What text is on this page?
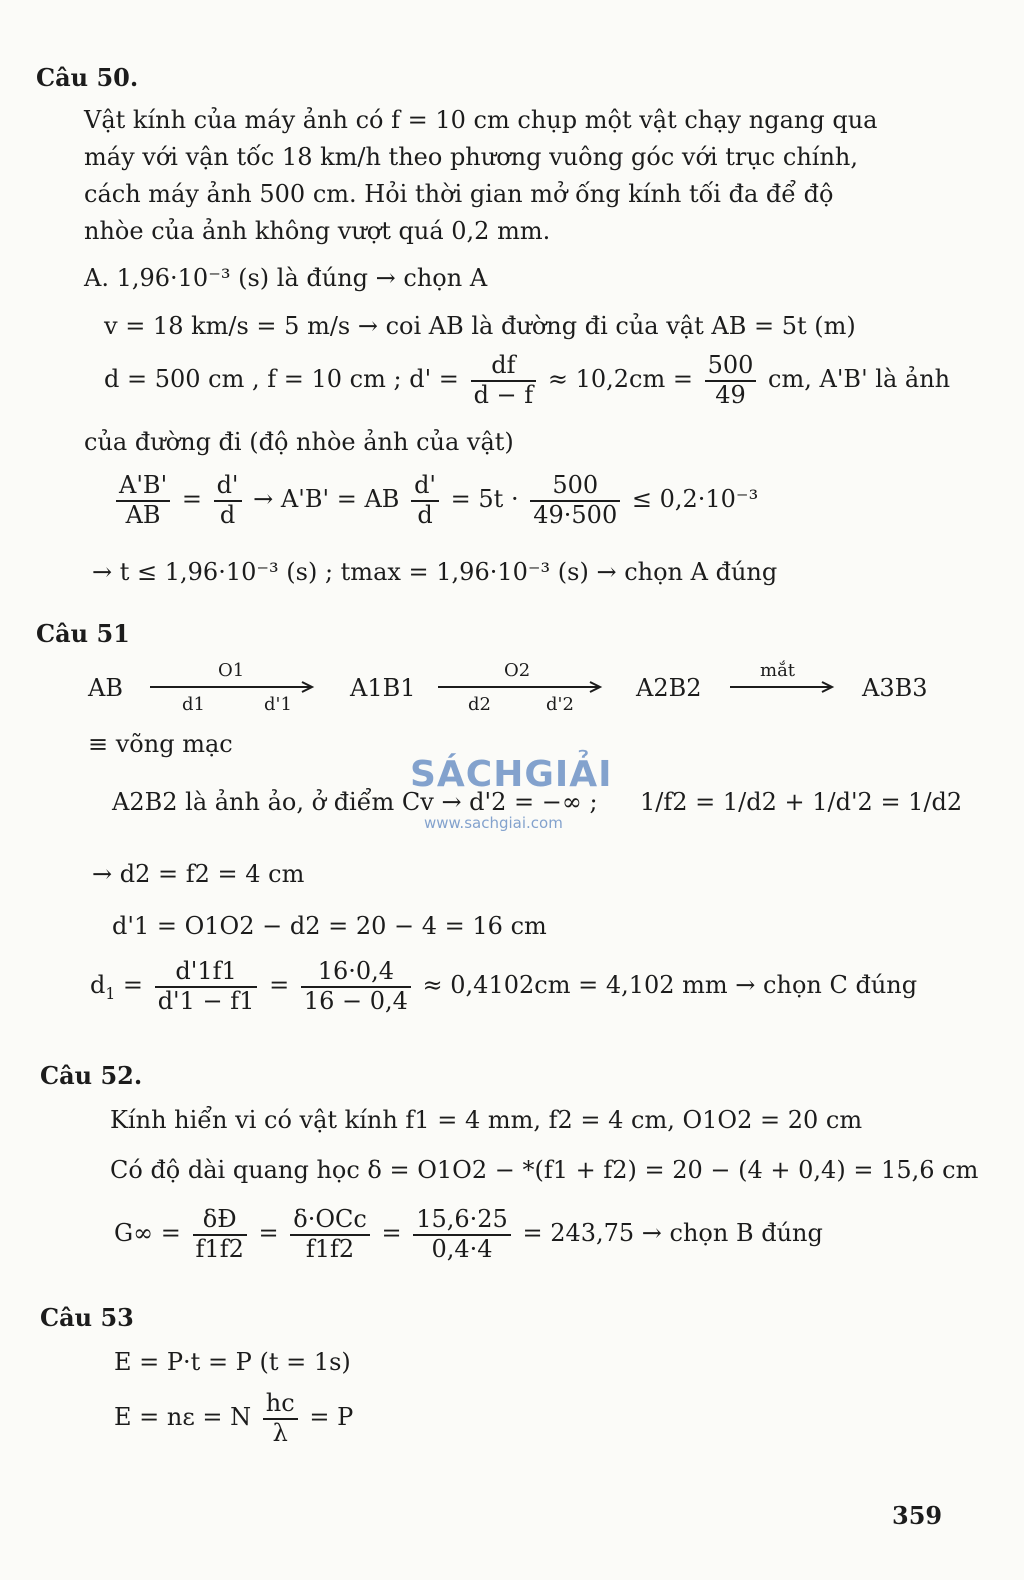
Câu 50.
Vật kính của máy ảnh có f = 10 cm chụp một vật chạy ngang qua
máy với vận tốc 18 km/h theo phương vuông góc với trục chính,
cách máy ảnh 500 cm. Hỏi thời gian mở ống kính tối đa để độ
nhòe của ảnh không vượt quá 0,2 mm.
A. 1,96·10⁻³ (s) là đúng → chọn A
v = 18 km/s = 5 m/s → coi AB là đường đi của vật AB = 5t (m)
d = 500 cm , f = 10 cm ; $d' = \frac{df}{d - f} \approx 10,2cm = \frac{500}{49}$ cm, A'B' là ảnh
của đường đi (độ nhòe ảnh của vật)
$\frac{A'B'}{AB} = \frac{d'}{d} \to A'B'$ = AB $\frac{d'}{d} = 5t \cdot \frac{500}{49\cdot 500} \le 0,2\cdot 10^{-3}$
→ t ≤ 1,96·10⁻³ (s) ; tmax = 1,96·10⁻³ (s) → chọn A đúng
Câu 51
AB
O1
d1	d'1
A1B1
O2
d2	d'2
A2B2
mắt
A3B3
≡ võng mạc
A2B2 là ảnh ảo, ở điểm Cv → d'2 = −∞ ; 1/f2 = 1/d2 + 1/d'2 = 1/d2
→ d2 = f2 = 4 cm
d'1 = O1O2 − d2 = 20 − 4 = 16 cm
$d_1 = \frac{d'1f1}{d'1 - f1} = \frac{16\cdot 0,4}{16 - 0,4} \approx 0,4102cm = 4,102$ mm → chọn C đúng
Câu 52.
Kính hiển vi có vật kính f1 = 4 mm, f2 = 4 cm, O1O2 = 20 cm
Có độ dài quang học δ = O1O2 − *(f1 + f2) = 20 − (4 + 0,4) = 15,6 cm
$G\infty = \frac{\delta Đ}{f1f2} = \frac{\text{δ·OCc}}{f1f2} = \frac{15,6\cdot 25}{0,4\cdot 4} = 243,75$ → chọn B đúng
Câu 53
E = P·t = P (t = 1s)
E = nε = N $\frac{hc}{\lambda} = P$
SÁCHGIẢI
www.sachgiai.com
359
